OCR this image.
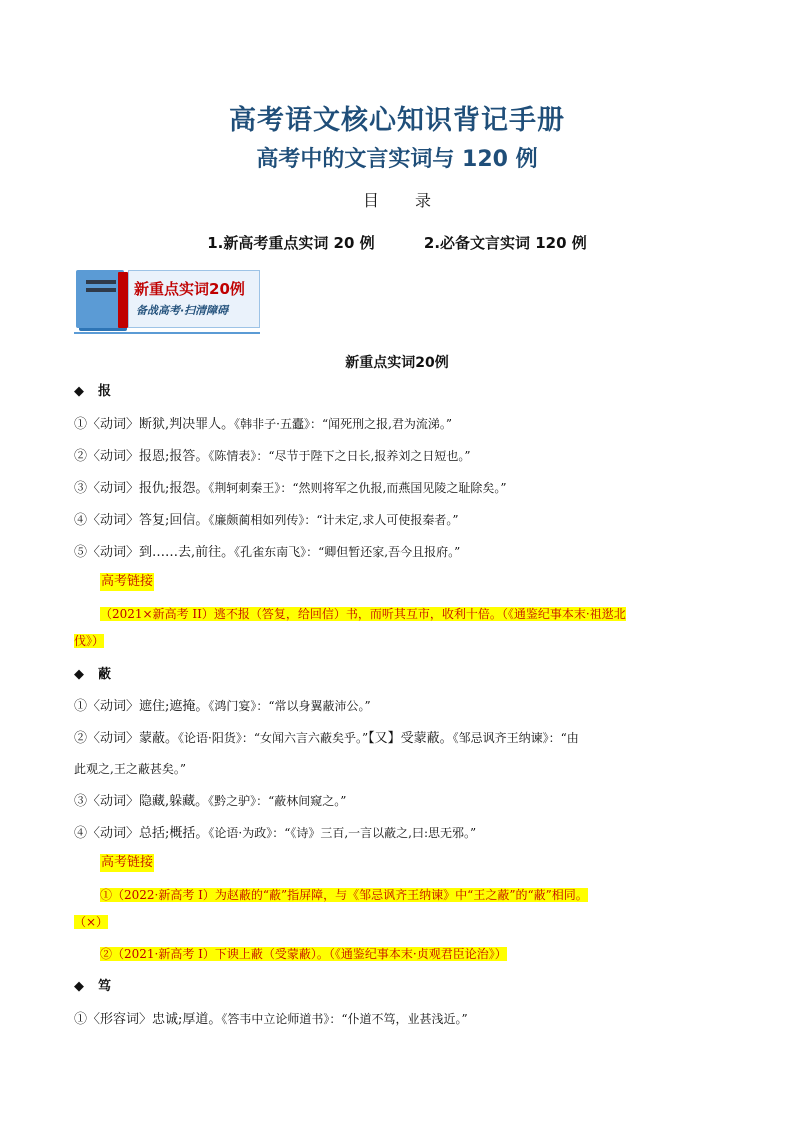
高考语文核心知识背记手册
高考中的文言实词与 120 例
目 录
1.新高考重点实词 20 例	2.必备文言实词 120 例
新重点实词20例
备战高考·扫清障碍
新重点实词20例
◆ 报
①〈动词〉断狱,判决罪人。《韩非子·五蠹》：“闻死刑之报,君为流涕。”
②〈动词〉报恩;报答。《陈情表》：“尽节于陛下之日长,报养刘之日短也。”
③〈动词〉报仇;报怨。《荆轲刺秦王》：“然则将军之仇报,而燕国见陵之耻除矣。”
④〈动词〉答复;回信。《廉颇蔺相如列传》：“计未定,求人可使报秦者。”
⑤〈动词〉到……去,前往。《孔雀东南飞》：“卿但暂还家,吾今且报府。”
高考链接
（2021×新高考 II）逃不报（答复，给回信）书，而听其互市，收利十倍。（《通鉴纪事本末·祖逖北
伐》）
◆ 蔽
①〈动词〉遮住;遮掩。《鸿门宴》：“常以身翼蔽沛公。”
②〈动词〉蒙蔽。《论语·阳货》：“女闻六言六蔽矣乎。”【又】受蒙蔽。《邹忌讽齐王纳谏》：“由
此观之,王之蔽甚矣。”
③〈动词〉隐藏,躲藏。《黔之驴》：“蔽林间窥之。”
④〈动词〉总括;概括。《论语·为政》：“《诗》三百,一言以蔽之,曰:思无邪。”
高考链接
①（2022·新高考 I）为赵蔽的“蔽”指屏障，与《邹忌讽齐王纳谏》中“王之蔽”的“蔽”相同。
（×）
②（2021·新高考 I）下谀上蔽（受蒙蔽）。（《通鉴纪事本末·贞观君臣论治》）
◆ 笃
①〈形容词〉忠诚;厚道。《答韦中立论师道书》：“仆道不笃，业甚浅近。”
